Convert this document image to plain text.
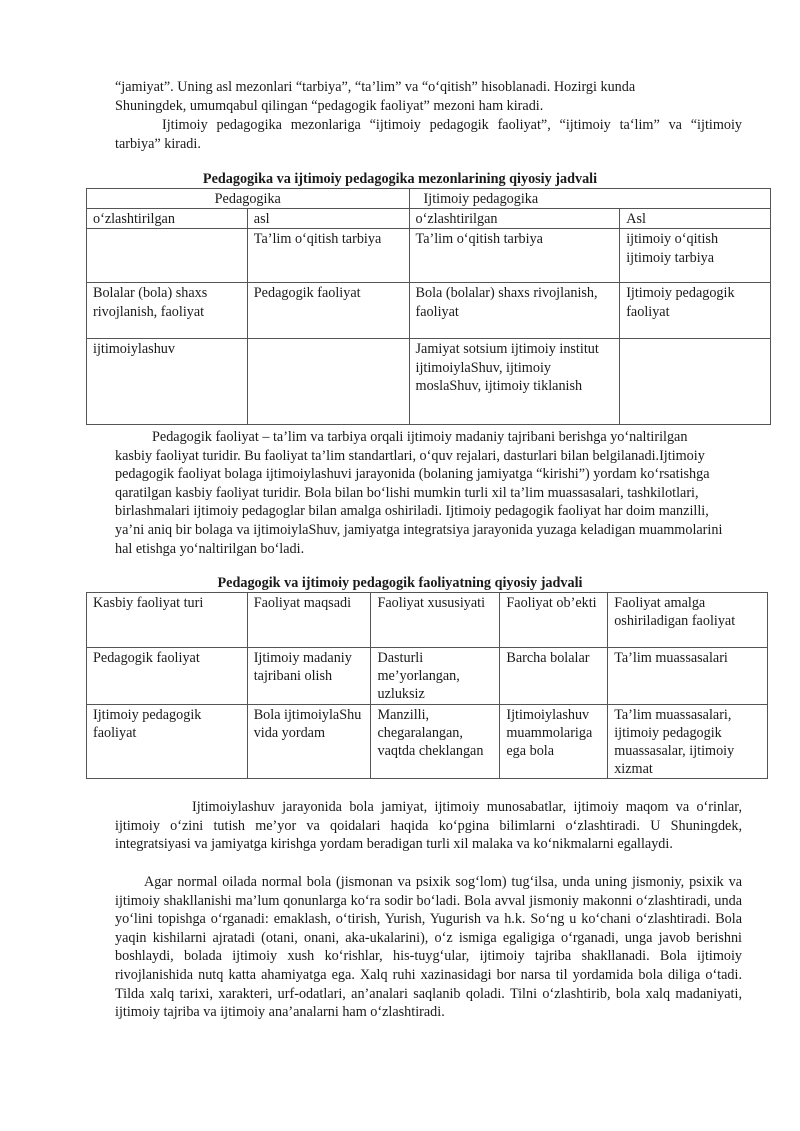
“jamiyat”. Uning asl mezonlari “tarbiya”, “ta’lim” va “o‘qitish” hisoblanadi. Hozirgi kunda
Shuningdek, umumqabul qilingan “pedagogik faoliyat” mezoni ham kiradi.
Ijtimoiy pedagogika mezonlariga “ijtimoiy pedagogik faoliyat”, “ijtimoiy ta‘lim” va “ijtimoiy tarbiya” kiradi.
Pedagogika va ijtimoiy pedagogika mezonlarining qiyosiy jadvali
Pedagogika		Ijtimoiy pedagogika	
o‘zlashtirilgan	asl	o‘zlashtirilgan	Asl
	Ta’lim o‘qitish tarbiya	Ta’lim o‘qitish tarbiya	ijtimoiy o‘qitish ijtimoiy tarbiya
Bolalar (bola) shaxs rivojlanish, faoliyat	Pedagogik faoliyat	Bola (bolalar) shaxs rivojlanish, faoliyat	Ijtimoiy pedagogik faoliyat
ijtimoiylashuv		Jamiyat sotsium ijtimoiy institut ijtimoiylaShuv, ijtimoiy moslaShuv, ijtimoiy tiklanish	
Pedagogik faoliyat – ta’lim va tarbiya orqali ijtimoiy madaniy tajribani berishga yo‘naltirilgan kasbiy faoliyat turidir. Bu faoliyat ta’lim standartlari, o‘quv rejalari, dasturlari bilan belgilanadi.Ijtimoiy pedagogik faoliyat bolaga ijtimoiylashuvi jarayonida (bolaning jamiyatga “kirishi”) yordam ko‘rsatishga qaratilgan kasbiy faoliyat turidir. Bola bilan bo‘lishi mumkin turli xil ta’lim muassasalari, tashkilotlari, birlashmalari ijtimoiy pedagoglar bilan amalga oshiriladi. Ijtimoiy pedagogik faoliyat har doim manzilli, ya’ni aniq bir bolaga va ijtimoiylaShuv, jamiyatga integratsiya jarayonida yuzaga keladigan muammolarini hal etishga yo‘naltirilgan bo‘ladi.
Pedagogik va ijtimoiy pedagogik faoliyatning qiyosiy jadvali
Kasbiy faoliyat turi	Faoliyat maqsadi	Faoliyat xususiyati	Faoliyat ob’ekti	Faoliyat amalga oshiriladigan faoliyat
Pedagogik faoliyat	Ijtimoiy madaniy tajribani olish	Dasturli me’yorlangan, uzluksiz	Barcha bolalar	Ta’lim muassasalari
Ijtimoiy pedagogik faoliyat	Bola ijtimoiylaShuvida yordam	Manzilli, chegaralangan, vaqtda cheklangan	Ijtimoiylashuv muammolariga ega bola	Ta’lim muassasalari, ijtimoiy pedagogik muassasalar, ijtimoiy xizmat
Ijtimoiylashuv jarayonida bola jamiyat, ijtimoiy munosabatlar, ijtimoiy maqom va o‘rinlar, ijtimoiy o‘zini tutish me’yor va qoidalari haqida ko‘pgina bilimlarni o‘zlashtiradi. U Shuningdek, integratsiyasi va jamiyatga kirishga yordam beradigan turli xil malaka va ko‘nikmalarni egallaydi.
Agar normal oilada normal bola (jismonan va psixik sog‘lom) tug‘ilsa, unda uning jismoniy, psixik va ijtimoiy shakllanishi ma’lum qonunlarga ko‘ra sodir bo‘ladi. Bola avval jismoniy makonni o‘zlashtiradi, unda yo‘lini topishga o‘rganadi: emaklash, o‘tirish, Yurish, Yugurish va h.k. So‘ng u ko‘chani o‘zlashtiradi. Bola yaqin kishilarni ajratadi (otani, onani, aka-ukalarini), o‘z ismiga egaligiga o‘rganadi, unga javob berishni boshlaydi, bolada ijtimoiy xush ko‘rishlar, his-tuyg‘ular, ijtimoiy tajriba shakllanadi. Bola ijtimoiy rivojlanishida nutq katta ahamiyatga ega. Xalq ruhi xazinasidagi bor narsa til yordamida bola diliga o‘tadi. Tilda xalq tarixi, xarakteri, urf-odatlari, an’analari saqlanib qoladi. Tilni o‘zlashtirib, bola xalq madaniyati, ijtimoiy tajriba va ijtimoiy ana’analarni ham o‘zlashtiradi.
